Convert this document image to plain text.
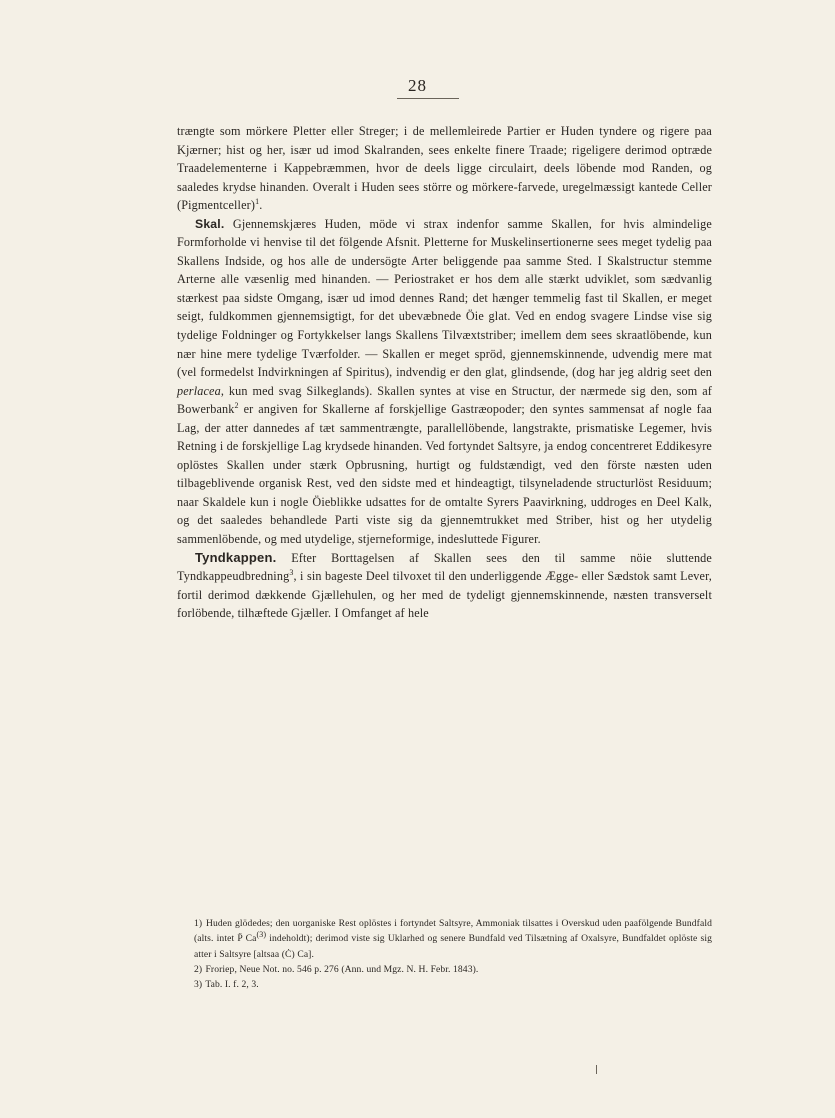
28

trængte som mörkere Pletter eller Streger; i de mellemleirede Partier er Huden tyndere og rigere paa Kjærner; hist og her, især ud imod Skalranden, sees enkelte finere Traade; rigeligere derimod optræde Traadelementerne i Kappebræmmen, hvor de deels ligge circulairt, deels löbende mod Randen, og saaledes krydse hinanden. Overalt i Huden sees större og mörkere-farvede, uregelmæssigt kantede Celler (Pigmentceller)$^1$.

Skal. Gjennemskjæres Huden, möde vi strax indenfor samme Skallen, for hvis almindelige Formforholde vi henvise til det fölgende Afsnit. Pletterne for Muskelinsertionerne sees meget tydelig paa Skallens Indside, og hos alle de undersögte Arter beliggende paa samme Sted. I Skalstructur stemme Arterne alle væsenlig med hinanden. — Periostraket er hos dem alle stærkt udviklet, som sædvanlig stærkest paa sidste Omgang, især ud imod dennes Rand; det hænger temmelig fast til Skallen, er meget seigt, fuldkommen gjennemsigtigt, for det ubevæbnede Öie glat. Ved en endog svagere Lindse vise sig tydelige Foldninger og Fortykkelser langs Skallens Tilvæxtstriber; imellem dem sees skraatlöbende, kun nær hine mere tydelige Tværfolder. — Skallen er meget spröd, gjennemskinnende, udvendig mere mat (vel formedelst Indvirkningen af Spiritus), indvendig er den glat, glindsende, (dog har jeg aldrig seet den perlacea, kun med svag Silkeglands). Skallen syntes at vise en Structur, der nærmede sig den, som af Bowerbank$^2$ er angiven for Skallerne af forskjellige Gastræopoder; den syntes sammensat af nogle faa Lag, der atter dannedes af tæt sammentrængte, parallellöbende, langstrakte, prismatiske Legemer, hvis Retning i de forskjellige Lag krydsede hinanden. Ved fortyndet Saltsyre, ja endog concentreret Eddikesyre oplöstes Skallen under stærk Opbrusning, hurtigt og fuldstændigt, ved den förste næsten uden tilbageblivende organisk Rest, ved den sidste med et hindeagtigt, tilsyneladende structurlöst Residuum; naar Skaldele kun i nogle Öieblikke udsattes for de omtalte Syrers Paavirkning, uddroges en Deel Kalk, og det saaledes behandlede Parti viste sig da gjennemtrukket med Striber, hist og her utydelig sammenlöbende, og med utydelige, stjerneformige, indesluttede Figurer.

Tyndkappen. Efter Borttagelsen af Skallen sees den til samme nöie sluttende Tyndkappeudbredning$^3$, i sin bageste Deel tilvoxet til den underliggende Ægge- eller Sædstok samt Lever, fortil derimod dækkende Gjællehulen, og her med de tydeligt gjennemskinnende, næsten transverselt forlöbende, tilhæftede Gjæller. I Omfanget af hele

1) Huden glödedes; den uorganiske Rest oplöstes i fortyndet Saltsyre, Ammoniak tilsattes i Overskud uden paafölgende Bundfald (alts. intet P̈ Ca$^{(3)}$ indeholdt); derimod viste sig Uklarhed og senere Bundfald ved Tilsætning af Oxalsyre, Bundfaldet oplöste sig atter i Saltsyre [altsaa (Ċ) Ca].

2) Froriep, Neue Not. no. 546 p. 276 (Ann. und Mgz. N. H. Febr. 1843).

3) Tab. I. f. 2, 3.
